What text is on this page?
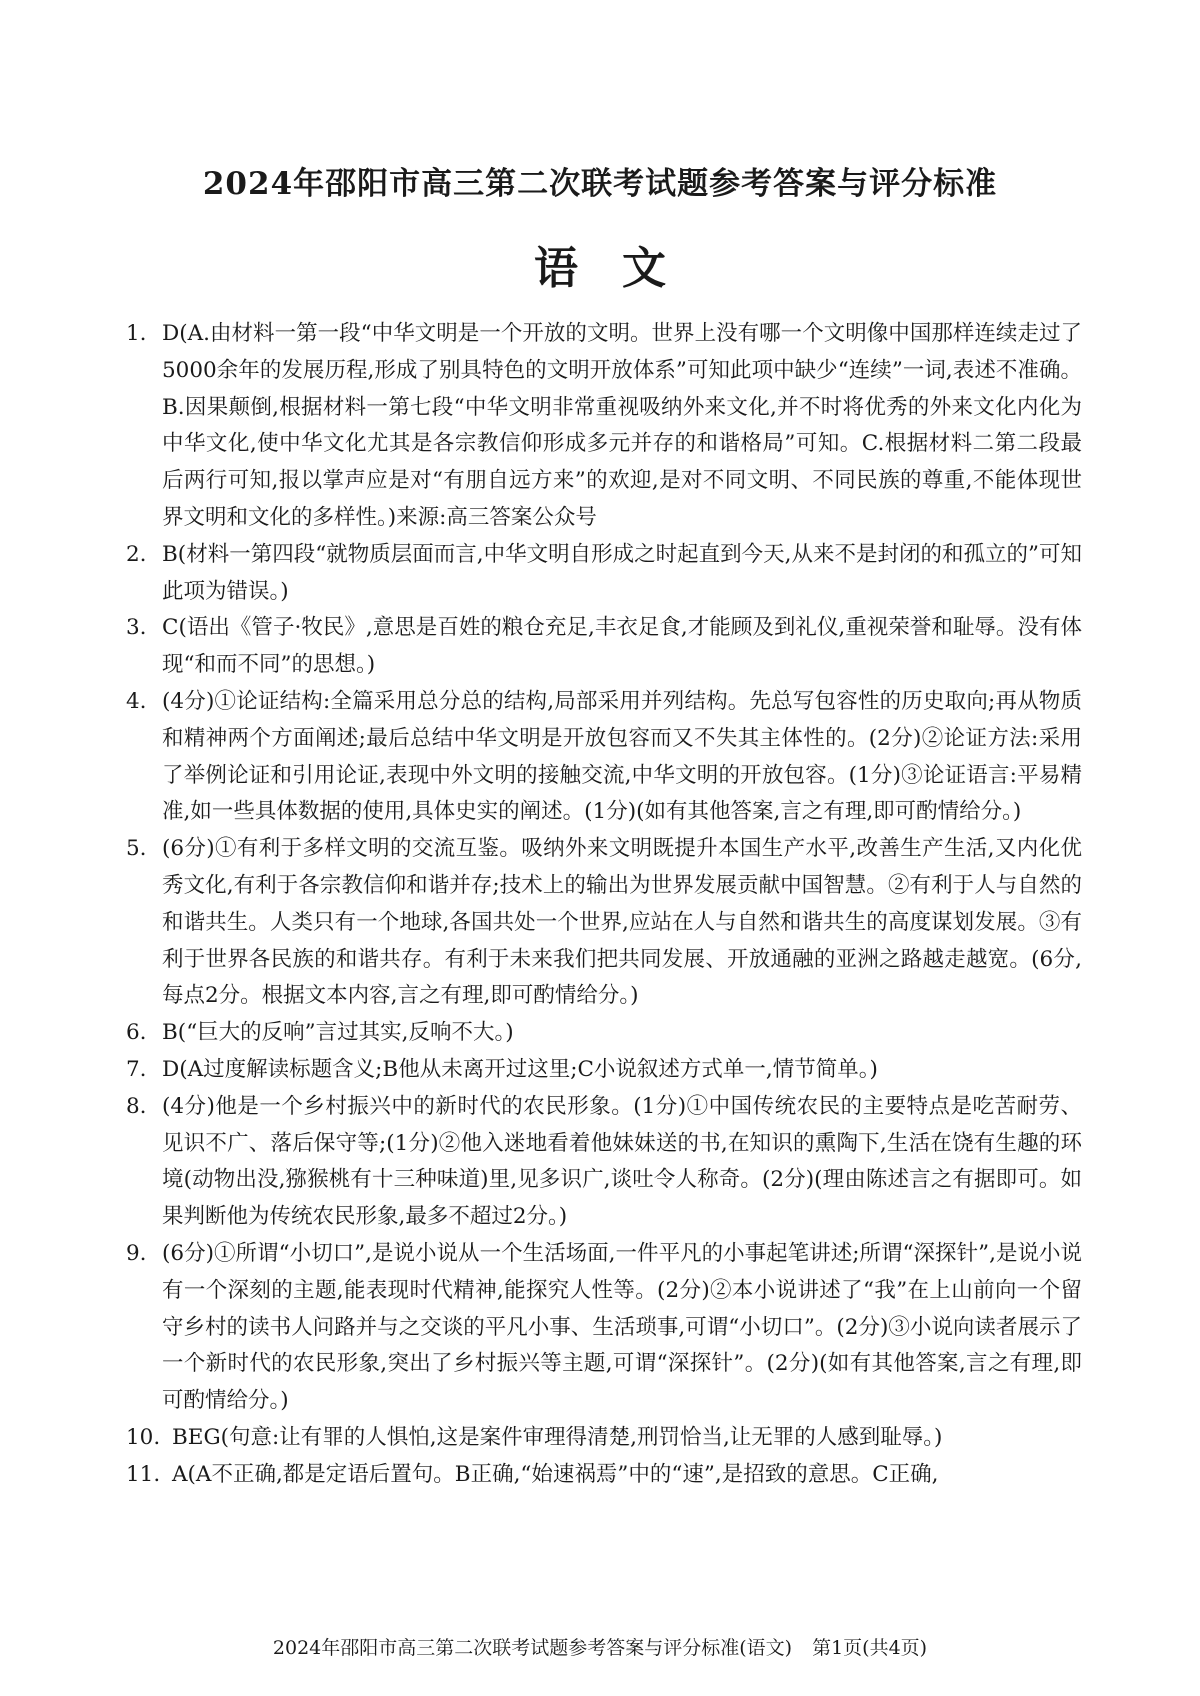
2024年邵阳市高三第二次联考试题参考答案与评分标准
语文
1. D(A.由材料一第一段“中华文明是一个开放的文明。世界上没有哪一个文明像中国那样连续走过了5000余年的发展历程,形成了别具特色的文明开放体系”可知此项中缺少“连续”一词,表述不准确。B.因果颠倒,根据材料一第七段“中华文明非常重视吸纳外来文化,并不时将优秀的外来文化内化为中华文化,使中华文化尤其是各宗教信仰形成多元并存的和谐格局”可知。C.根据材料二第二段最后两行可知,报以掌声应是对“有朋自远方来”的欢迎,是对不同文明、不同民族的尊重,不能体现世界文明和文化的多样性。)来源:高三答案公众号
2. B(材料一第四段“就物质层面而言,中华文明自形成之时起直到今天,从来不是封闭的和孤立的”可知此项为错误。)
3. C(语出《管子·牧民》,意思是百姓的粮仓充足,丰衣足食,才能顾及到礼仪,重视荣誉和耻辱。没有体现“和而不同”的思想。)
4. (4分)①论证结构:全篇采用总分总的结构,局部采用并列结构。先总写包容性的历史取向;再从物质和精神两个方面阐述;最后总结中华文明是开放包容而又不失其主体性的。(2分)②论证方法:采用了举例论证和引用论证,表现中外文明的接触交流,中华文明的开放包容。(1分)③论证语言:平易精准,如一些具体数据的使用,具体史实的阐述。(1分)(如有其他答案,言之有理,即可酌情给分。)
5. (6分)①有利于多样文明的交流互鉴。吸纳外来文明既提升本国生产水平,改善生产生活,又内化优秀文化,有利于各宗教信仰和谐并存;技术上的输出为世界发展贡献中国智慧。②有利于人与自然的和谐共生。人类只有一个地球,各国共处一个世界,应站在人与自然和谐共生的高度谋划发展。③有利于世界各民族的和谐共存。有利于未来我们把共同发展、开放通融的亚洲之路越走越宽。(6分,每点2分。根据文本内容,言之有理,即可酌情给分。)
6. B(“巨大的反响”言过其实,反响不大。)
7. D(A过度解读标题含义;B他从未离开过这里;C小说叙述方式单一,情节简单。)
8. (4分)他是一个乡村振兴中的新时代的农民形象。(1分)①中国传统农民的主要特点是吃苦耐劳、见识不广、落后保守等;(1分)②他入迷地看着他妹妹送的书,在知识的熏陶下,生活在饶有生趣的环境(动物出没,猕猴桃有十三种味道)里,见多识广,谈吐令人称奇。(2分)(理由陈述言之有据即可。如果判断他为传统农民形象,最多不超过2分。)
9. (6分)①所谓“小切口”,是说小说从一个生活场面,一件平凡的小事起笔讲述;所谓“深探针”,是说小说有一个深刻的主题,能表现时代精神,能探究人性等。(2分)②本小说讲述了“我”在上山前向一个留守乡村的读书人问路并与之交谈的平凡小事、生活琐事,可谓“小切口”。(2分)③小说向读者展示了一个新时代的农民形象,突出了乡村振兴等主题,可谓“深探针”。(2分)(如有其他答案,言之有理,即可酌情给分。)
10. BEG(句意:让有罪的人惧怕,这是案件审理得清楚,刑罚恰当,让无罪的人感到耻辱。)
11. A(A不正确,都是定语后置句。B正确,“始速祸焉”中的“速”,是招致的意思。C正确,
2024年邵阳市高三第二次联考试题参考答案与评分标准(语文) 第1页(共4页)
